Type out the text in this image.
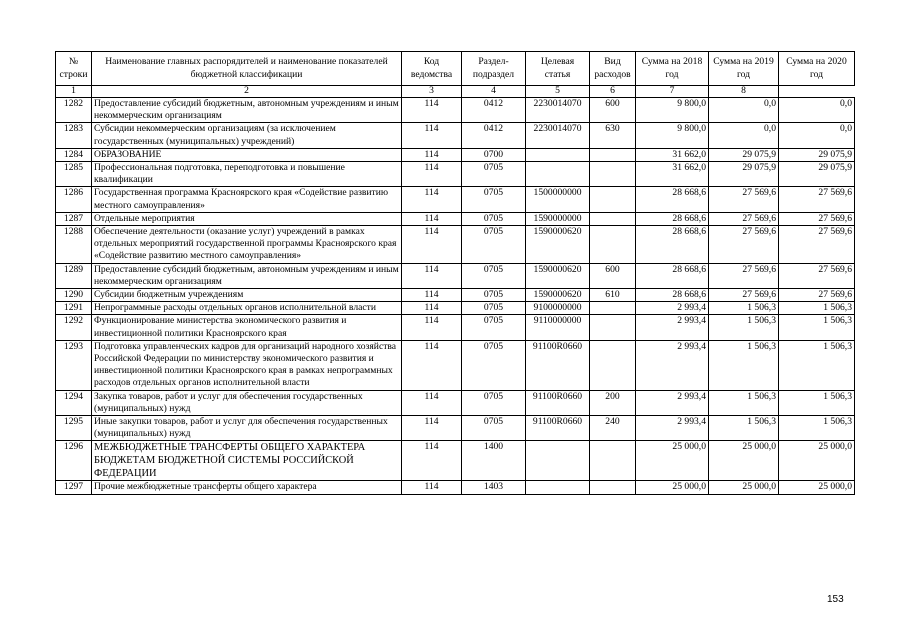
№ строки	Наименование главных распорядителей и наименование показателей бюджетной классификации	Код ведомства	Раздел-подраздел	Целевая статья	Вид расходов	Сумма на 2018 год	Сумма на 2019 год	Сумма на 2020 год
1	2	3	4	5	6	7	8	
1282	Предоставление субсидий бюджетным, автономным учреждениям и иным некоммерческим организациям	114	0412	2230014070	600	9 800,0	0,0	0,0
1283	Субсидии некоммерческим организациям (за исключением государственных (муниципальных) учреждений)	114	0412	2230014070	630	9 800,0	0,0	0,0
1284	ОБРАЗОВАНИЕ	114	0700			31 662,0	29 075,9	29 075,9
1285	Профессиональная подготовка, переподготовка и повышение квалификации	114	0705			31 662,0	29 075,9	29 075,9
1286	Государственная программа Красноярского края «Содействие развитию местного самоуправления»	114	0705	1500000000		28 668,6	27 569,6	27 569,6
1287	Отдельные мероприятия	114	0705	1590000000		28 668,6	27 569,6	27 569,6
1288	Обеспечение деятельности (оказание услуг) учреждений в рамках отдельных мероприятий государственной программы Красноярского края «Содействие развитию местного самоуправления»	114	0705	1590000620		28 668,6	27 569,6	27 569,6
1289	Предоставление субсидий бюджетным, автономным учреждениям и иным некоммерческим организациям	114	0705	1590000620	600	28 668,6	27 569,6	27 569,6
1290	Субсидии бюджетным учреждениям	114	0705	1590000620	610	28 668,6	27 569,6	27 569,6
1291	Непрограммные расходы отдельных органов исполнительной власти	114	0705	9100000000		2 993,4	1 506,3	1 506,3
1292	Функционирование министерства экономического развития и инвестиционной политики Красноярского края	114	0705	9110000000		2 993,4	1 506,3	1 506,3
1293	Подготовка управленческих кадров для организаций народного хозяйства Российской Федерации по министерству экономического развития и инвестиционной политики Красноярского края в рамках непрограммных расходов отдельных органов исполнительной власти	114	0705	91100R0660		2 993,4	1 506,3	1 506,3
1294	Закупка товаров, работ и услуг для обеспечения государственных (муниципальных) нужд	114	0705	91100R0660	200	2 993,4	1 506,3	1 506,3
1295	Иные закупки товаров, работ и услуг для обеспечения государственных (муниципальных) нужд	114	0705	91100R0660	240	2 993,4	1 506,3	1 506,3
1296	МЕЖБЮДЖЕТНЫЕ ТРАНСФЕРТЫ ОБЩЕГО ХАРАКТЕРА БЮДЖЕТАМ БЮДЖЕТНОЙ СИСТЕМЫ РОССИЙСКОЙ ФЕДЕРАЦИИ	114	1400			25 000,0	25 000,0	25 000,0
1297	Прочие межбюджетные трансферты общего характера	114	1403			25 000,0	25 000,0	25 000,0
153
